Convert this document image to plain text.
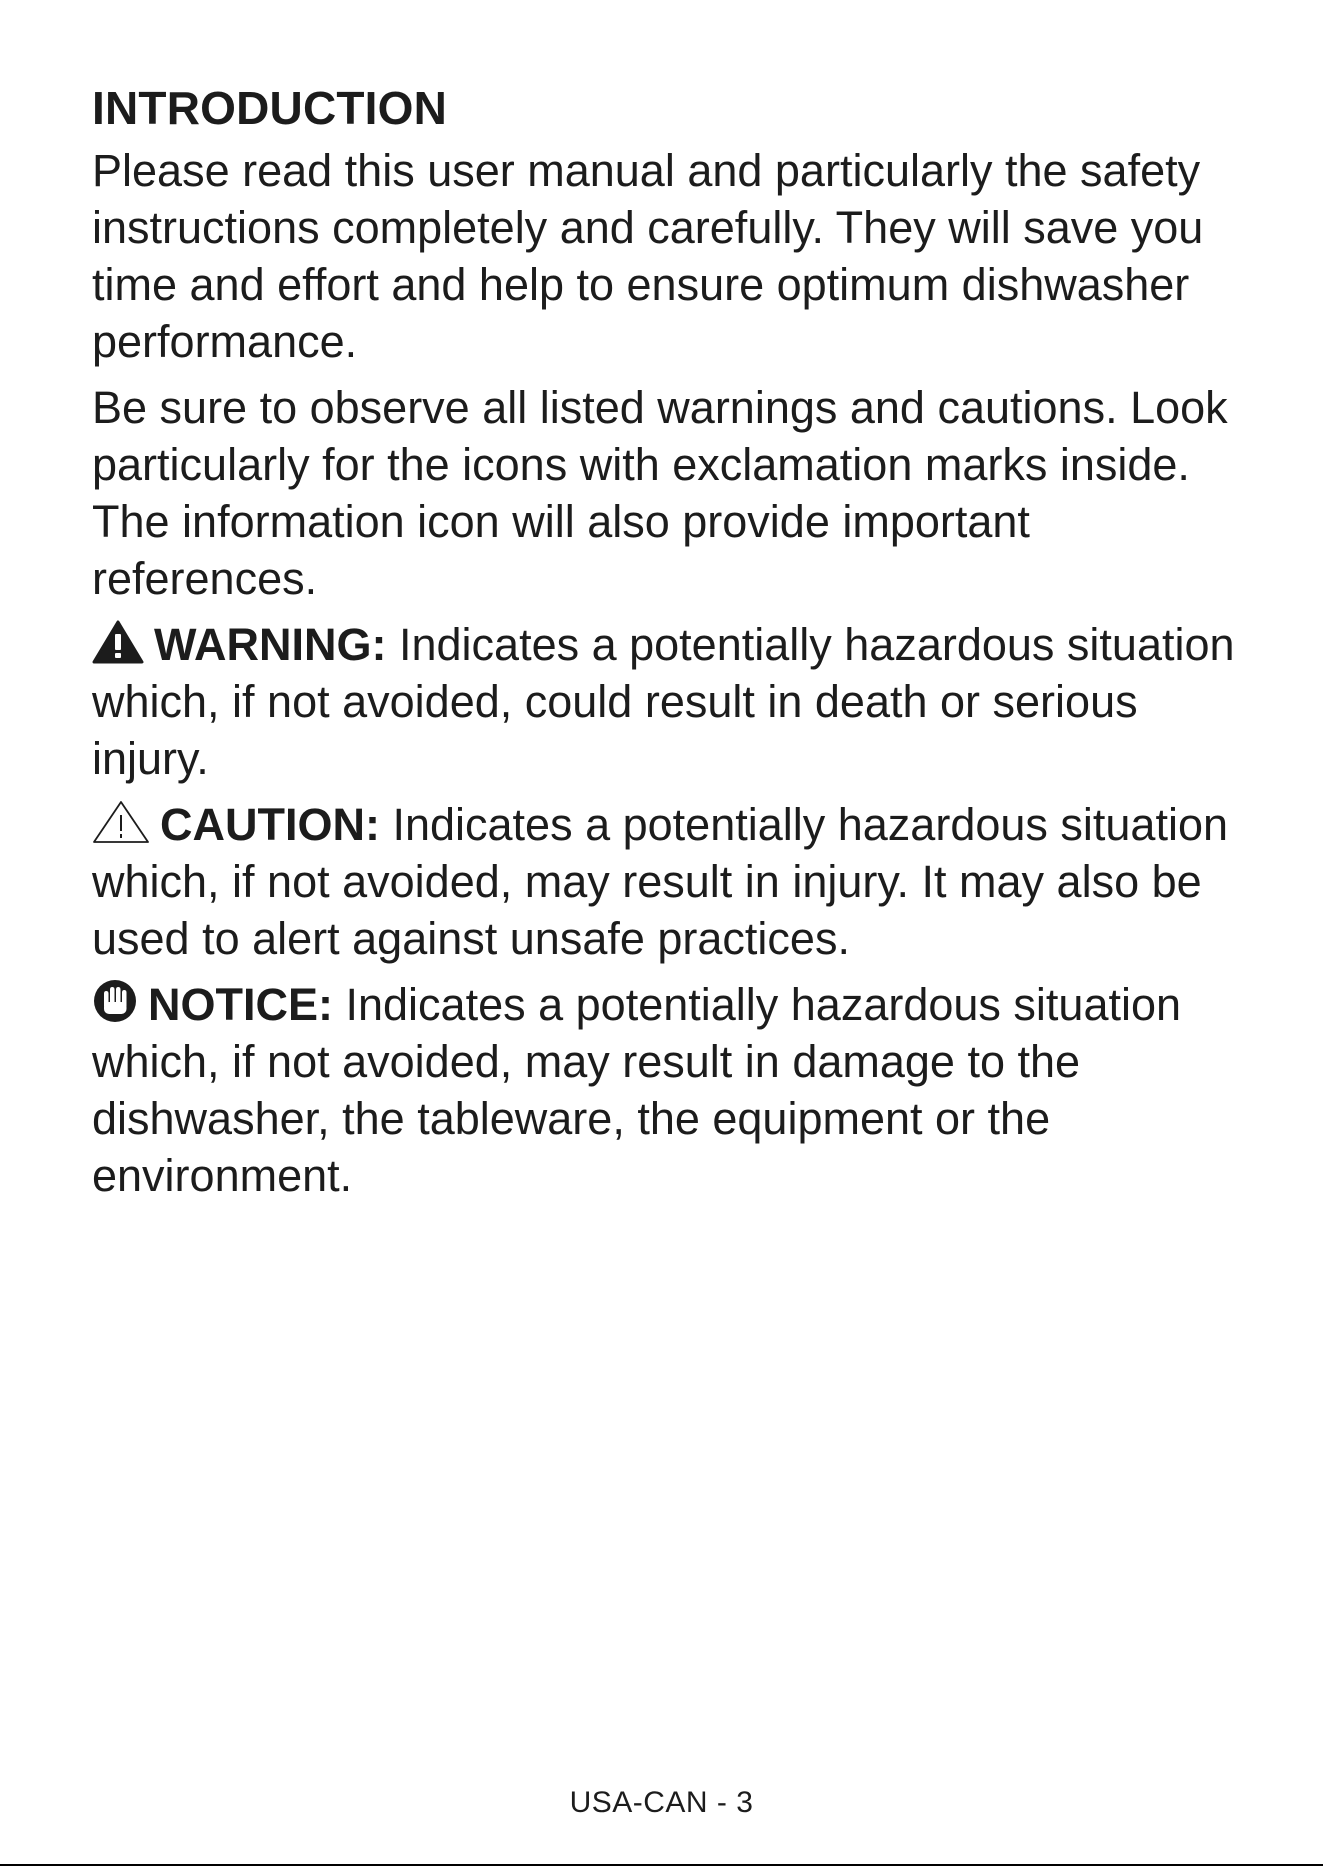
INTRODUCTION

Please read this user manual and particularly the safety instructions completely and carefully. They will save you time and effort and help to ensure optimum dishwasher performance.

Be sure to observe all listed warnings and cautions. Look particularly for the icons with exclamation marks inside. The information icon will also provide important references.

WARNING: Indicates a potentially hazardous situation which, if not avoided, could result in death or serious injury.

CAUTION: Indicates a potentially hazardous situation which, if not avoided, may result in injury. It may also be used to alert against unsafe practices.

NOTICE: Indicates a potentially hazardous situation which, if not avoided, may result in damage to the dishwasher, the tableware, the equipment or the environment.

USA-CAN - 3
